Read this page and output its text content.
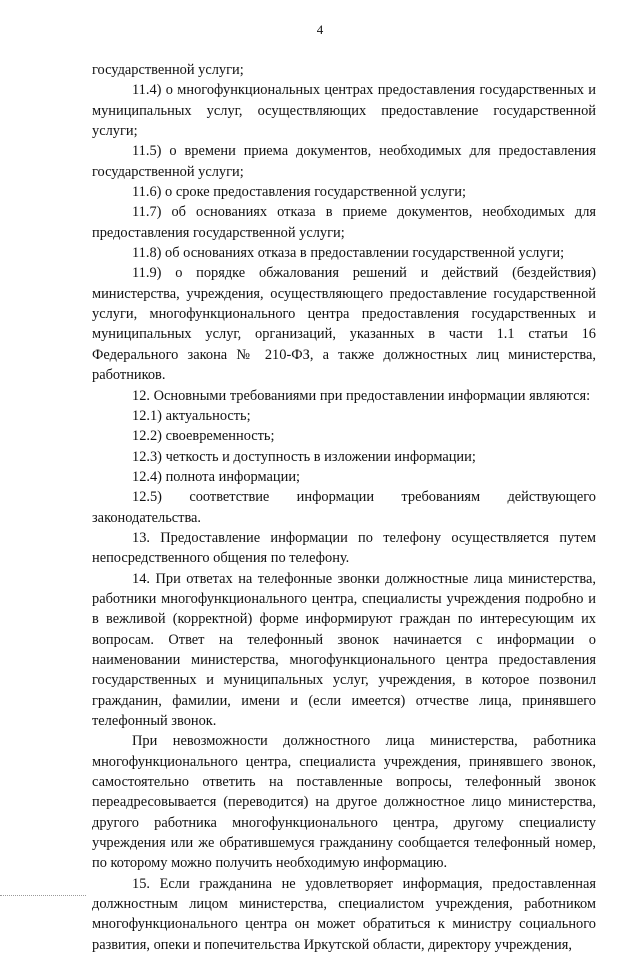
4

государственной услуги;

11.4) о многофункциональных центрах предоставления государственных и муниципальных услуг, осуществляющих предоставление государственной услуги;

11.5) о времени приема документов, необходимых для предоставления государственной услуги;

11.6) о сроке предоставления государственной услуги;

11.7) об основаниях отказа в приеме документов, необходимых для предоставления государственной услуги;

11.8) об основаниях отказа в предоставлении государственной услуги;

11.9) о порядке обжалования решений и действий (бездействия) министерства, учреждения, осуществляющего предоставление государственной услуги, многофункционального центра предоставления государственных и муниципальных услуг, организаций, указанных в части 1.1 статьи 16 Федерального закона № 210-ФЗ, а также должностных лиц министерства, работников.

12. Основными требованиями при предоставлении информации являются:

12.1) актуальность;

12.2) своевременность;

12.3) четкость и доступность в изложении информации;

12.4) полнота информации;

12.5) соответствие информации требованиям действующего законодательства.

13. Предоставление информации по телефону осуществляется путем непосредственного общения по телефону.

14. При ответах на телефонные звонки должностные лица министерства, работники многофункционального центра, специалисты учреждения подробно и в вежливой (корректной) форме информируют граждан по интересующим их вопросам. Ответ на телефонный звонок начинается с информации о наименовании министерства, многофункционального центра предоставления государственных и муниципальных услуг, учреждения, в которое позвонил гражданин, фамилии, имени и (если имеется) отчестве лица, принявшего телефонный звонок.

При невозможности должностного лица министерства, работника многофункционального центра, специалиста учреждения, принявшего звонок, самостоятельно ответить на поставленные вопросы, телефонный звонок переадресовывается (переводится) на другое должностное лицо министерства, другого работника многофункционального центра, другому специалисту учреждения или же обратившемуся гражданину сообщается телефонный номер, по которому можно получить необходимую информацию.

15. Если гражданина не удовлетворяет информация, предоставленная должностным лицом министерства, специалистом учреждения, работником многофункционального центра он может обратиться к министру социального развития, опеки и попечительства Иркутской области, директору учреждения,
